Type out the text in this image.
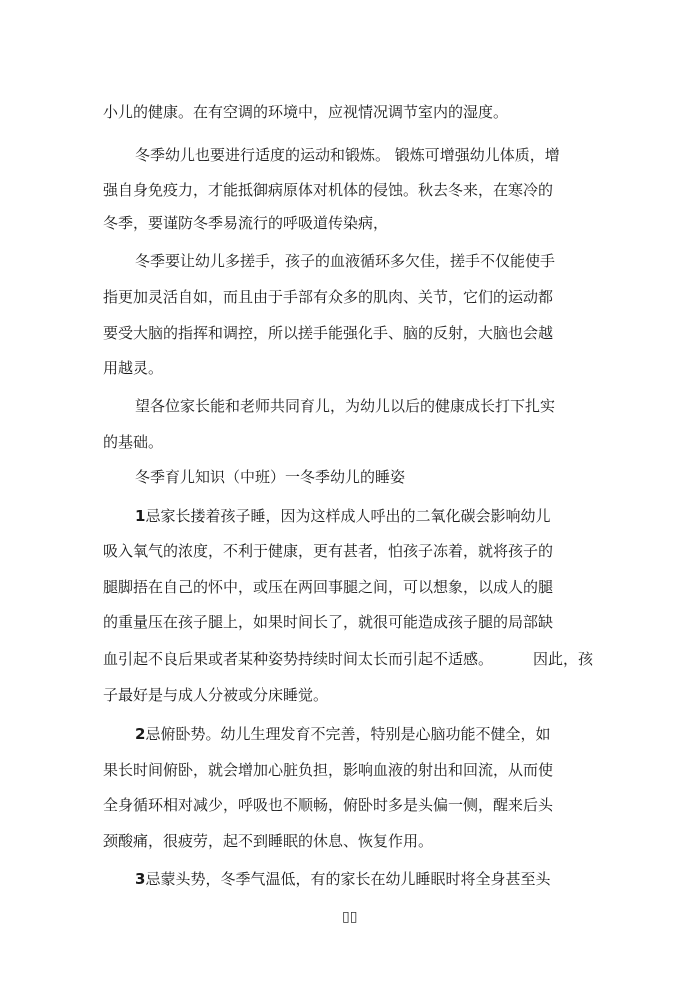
小儿的健康。在有空调的环境中，应视情况调节室内的湿度。
冬季幼儿也要进行适度的运动和锻炼。 锻炼可增强幼儿体质，增
强自身免疫力，才能抵御病原体对机体的侵蚀。秋去冬来，在寒冷的
冬季，要谨防冬季易流行的呼吸道传染病，
冬季要让幼儿多搓手，孩子的血液循环多欠佳，搓手不仅能使手
指更加灵活自如，而且由于手部有众多的肌肉、关节，它们的运动都
要受大脑的指挥和调控，所以搓手能强化手、脑的反射，大脑也会越
用越灵。
望各位家长能和老师共同育儿，为幼儿以后的健康成长打下扎实
的基础。
冬季育儿知识（中班）一冬季幼儿的睡姿
1忌家长搂着孩子睡，因为这样成人呼出的二氧化碳会影响幼儿
吸入氧气的浓度，不利于健康，更有甚者，怕孩子冻着，就将孩子的
腿脚捂在自己的怀中，或压在两回事腿之间，可以想象，以成人的腿
的重量压在孩子腿上，如果时间长了，就很可能造成孩子腿的局部缺
血引起不良后果或者某种姿势持续时间太长而引起不适感。	因此，孩
子最好是与成人分被或分床睡觉。
2忌俯卧势。幼儿生理发育不完善，特别是心脑功能不健全，如
果长时间俯卧，就会增加心脏负担，影响血液的射出和回流，从而使
全身循环相对减少，呼吸也不顺畅，俯卧时多是头偏一侧，醒来后头
颈酸痛，很疲劳，起不到睡眠的休息、恢复作用。
3忌蒙头势，冬季气温低，有的家长在幼儿睡眠时将全身甚至头
▯▯
